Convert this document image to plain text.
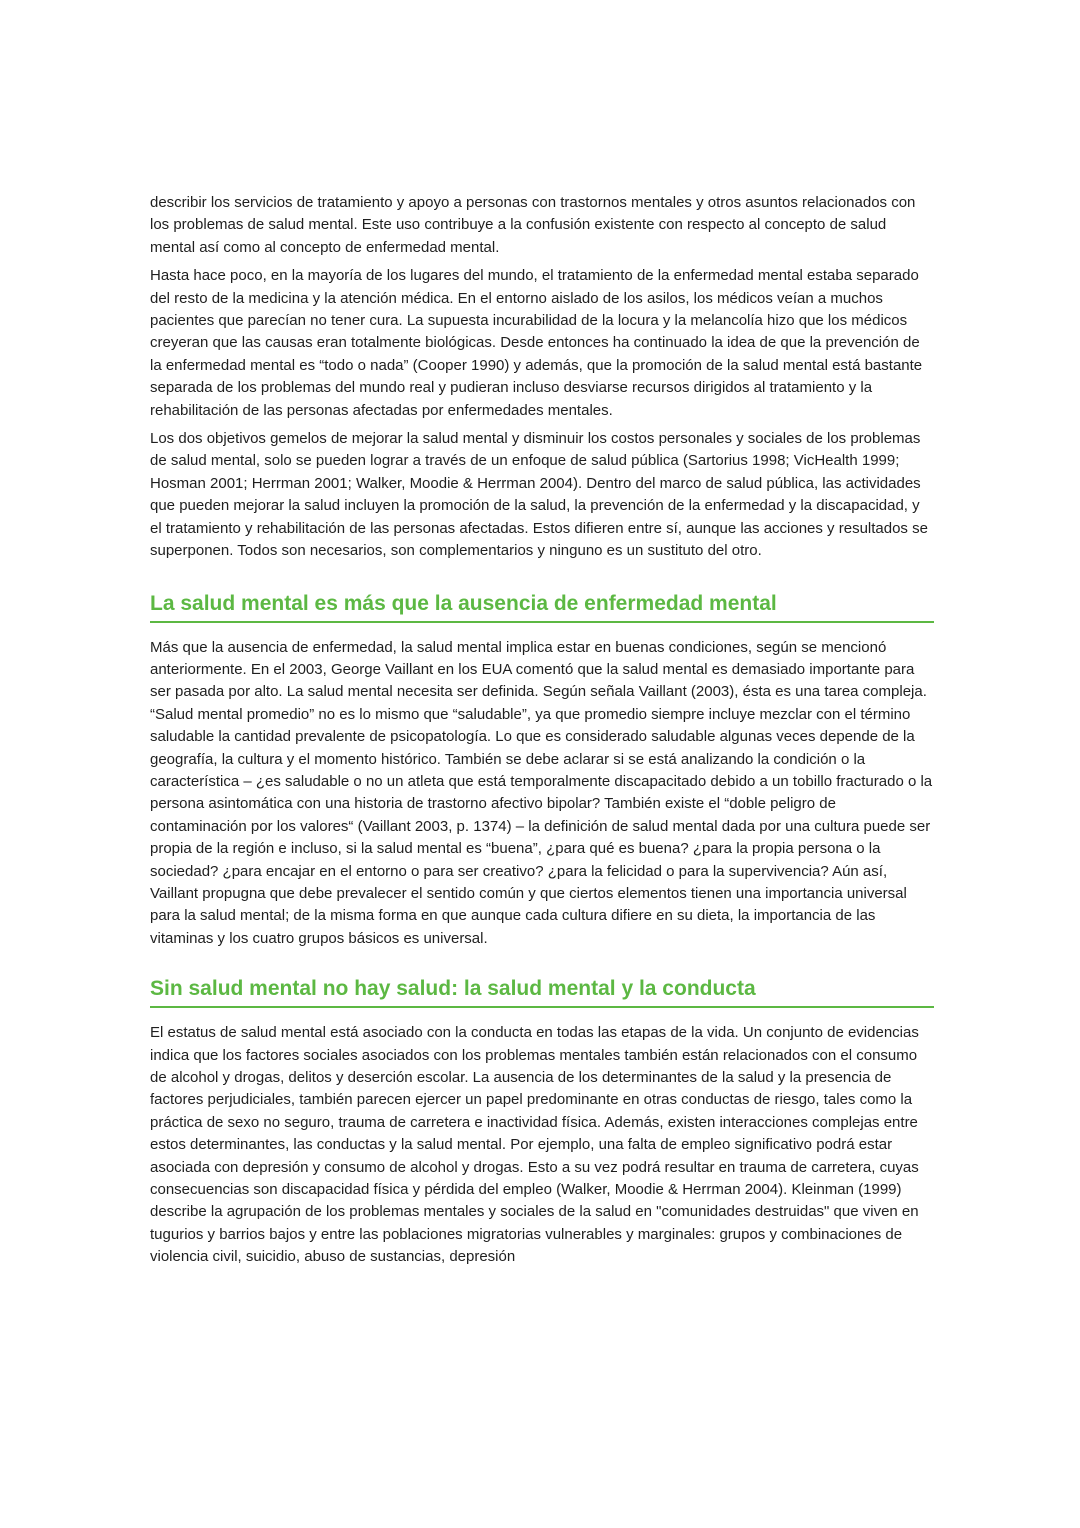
describir los servicios de tratamiento y apoyo a personas con trastornos mentales y otros asuntos relacionados con los problemas de salud mental. Este uso contribuye a la confusión existente con respecto al concepto de salud mental así como al concepto de enfermedad mental.

Hasta hace poco, en la mayoría de los lugares del mundo, el tratamiento de la enfermedad mental estaba separado del resto de la medicina y la atención médica. En el entorno aislado de los asilos, los médicos veían a muchos pacientes que parecían no tener cura. La supuesta incurabilidad de la locura y la melancolía hizo que los médicos creyeran que las causas eran totalmente biológicas. Desde entonces ha continuado la idea de que la prevención de la enfermedad mental es “todo o nada” (Cooper 1990) y además, que la promoción de la salud mental está bastante separada de los problemas del mundo real y pudieran incluso desviarse recursos dirigidos al tratamiento y la rehabilitación de las personas afectadas por enfermedades mentales.

Los dos objetivos gemelos de mejorar la salud mental y disminuir los costos personales y sociales de los problemas de salud mental, solo se pueden lograr a través de un enfoque de salud pública (Sartorius 1998; VicHealth 1999; Hosman 2001; Herrman 2001; Walker, Moodie & Herrman 2004). Dentro del marco de salud pública, las actividades que pueden mejorar la salud incluyen la promoción de la salud, la prevención de la enfermedad y la discapacidad, y el tratamiento y rehabilitación de las personas afectadas. Estos difieren entre sí, aunque las acciones y resultados se superponen. Todos son necesarios, son complementarios y ninguno es un sustituto del otro.

La salud mental es más que la ausencia de enfermedad mental

Más que la ausencia de enfermedad, la salud mental implica estar en buenas condiciones, según se mencionó anteriormente. En el 2003, George Vaillant en los EUA comentó que la salud mental es demasiado importante para ser pasada por alto. La salud mental necesita ser definida. Según señala Vaillant (2003), ésta es una tarea compleja. “Salud mental promedio” no es lo mismo que “saludable”, ya que promedio siempre incluye mezclar con el término saludable la cantidad prevalente de psicopatología. Lo que es considerado saludable algunas veces depende de la geografía, la cultura y el momento histórico. También se debe aclarar si se está analizando la condición o la característica – ¿es saludable o no un atleta que está temporalmente discapacitado debido a un tobillo fracturado o la persona asintomática con una historia de trastorno afectivo bipolar? También existe el “doble peligro de contaminación por los valores“ (Vaillant 2003, p. 1374) – la definición de salud mental dada por una cultura puede ser propia de la región e incluso, si la salud mental es “buena”, ¿para qué es buena? ¿para la propia persona o la sociedad? ¿para encajar en el entorno o para ser creativo? ¿para la felicidad o para la supervivencia? Aún así, Vaillant propugna que debe prevalecer el sentido común y que ciertos elementos tienen una importancia universal para la salud mental; de la misma forma en que aunque cada cultura difiere en su dieta, la importancia de las vitaminas y los cuatro grupos básicos es universal.

Sin salud mental no hay salud: la salud mental y la conducta

El estatus de salud mental está asociado con la conducta en todas las etapas de la vida. Un conjunto de evidencias indica que los factores sociales asociados con los problemas mentales también están relacionados con el consumo de alcohol y drogas, delitos y deserción escolar. La ausencia de los determinantes de la salud y la presencia de factores perjudiciales, también parecen ejercer un papel predominante en otras conductas de riesgo, tales como la práctica de sexo no seguro, trauma de carretera e inactividad física. Además, existen interacciones complejas entre estos determinantes, las conductas y la salud mental. Por ejemplo, una falta de empleo significativo podrá estar asociada con depresión y consumo de alcohol y drogas. Esto a su vez podrá resultar en trauma de carretera, cuyas consecuencias son discapacidad física y pérdida del empleo (Walker, Moodie & Herrman 2004). Kleinman (1999) describe la agrupación de los problemas mentales y sociales de la salud en "comunidades destruidas" que viven en tugurios y barrios bajos y entre las poblaciones migratorias vulnerables y marginales: grupos y combinaciones de violencia civil, suicidio, abuso de sustancias, depresión
